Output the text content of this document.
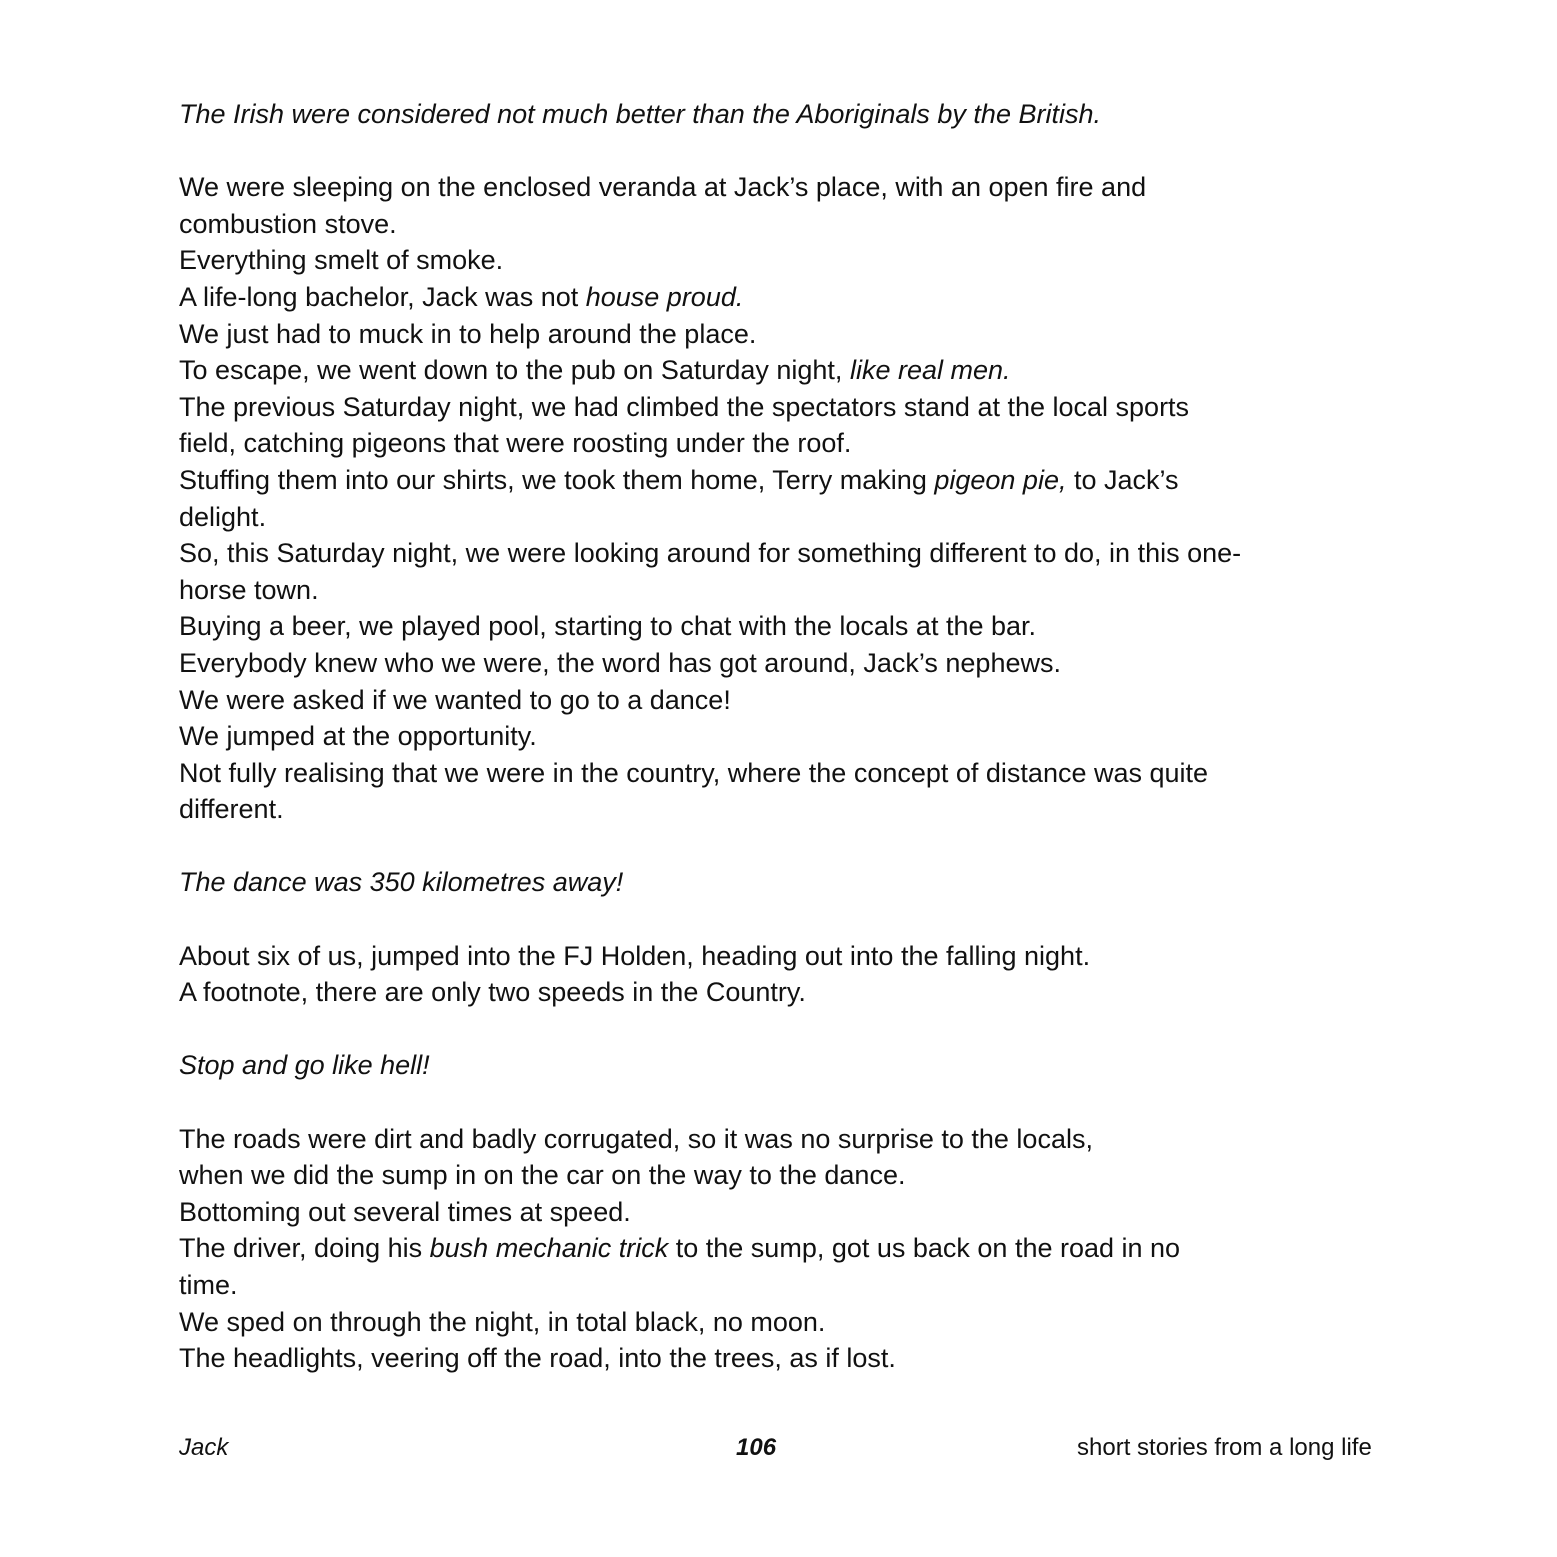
The Irish were considered not much better than the Aboriginals by the British.
We were sleeping on the enclosed veranda at Jack’s place, with an open fire and
combustion stove.
Everything smelt of smoke.
A life-long bachelor, Jack was not house proud.
We just had to muck in to help around the place.
To escape, we went down to the pub on Saturday night, like real men.
The previous Saturday night, we had climbed the spectators stand at the local sports
field, catching pigeons that were roosting under the roof.
Stuffing them into our shirts, we took them home, Terry making pigeon pie, to Jack’s
delight.
So, this Saturday night, we were looking around for something different to do, in this one-
horse town.
Buying a beer, we played pool, starting to chat with the locals at the bar.
Everybody knew who we were, the word has got around, Jack’s nephews.
We were asked if we wanted to go to a dance!
We jumped at the opportunity.
Not fully realising that we were in the country, where the concept of distance was quite
different.
The dance was 350 kilometres away!
About six of us, jumped into the FJ Holden, heading out into the falling night.
A footnote, there are only two speeds in the Country.
Stop and go like hell!
The roads were dirt and badly corrugated, so it was no surprise to the locals,
when we did the sump in on the car on the way to the dance.
Bottoming out several times at speed.
The driver, doing his bush mechanic trick to the sump, got us back on the road in no
time.
We sped on through the night, in total black, no moon.
The headlights, veering off the road, into the trees, as if lost.
Jack	106	short stories from a long life
